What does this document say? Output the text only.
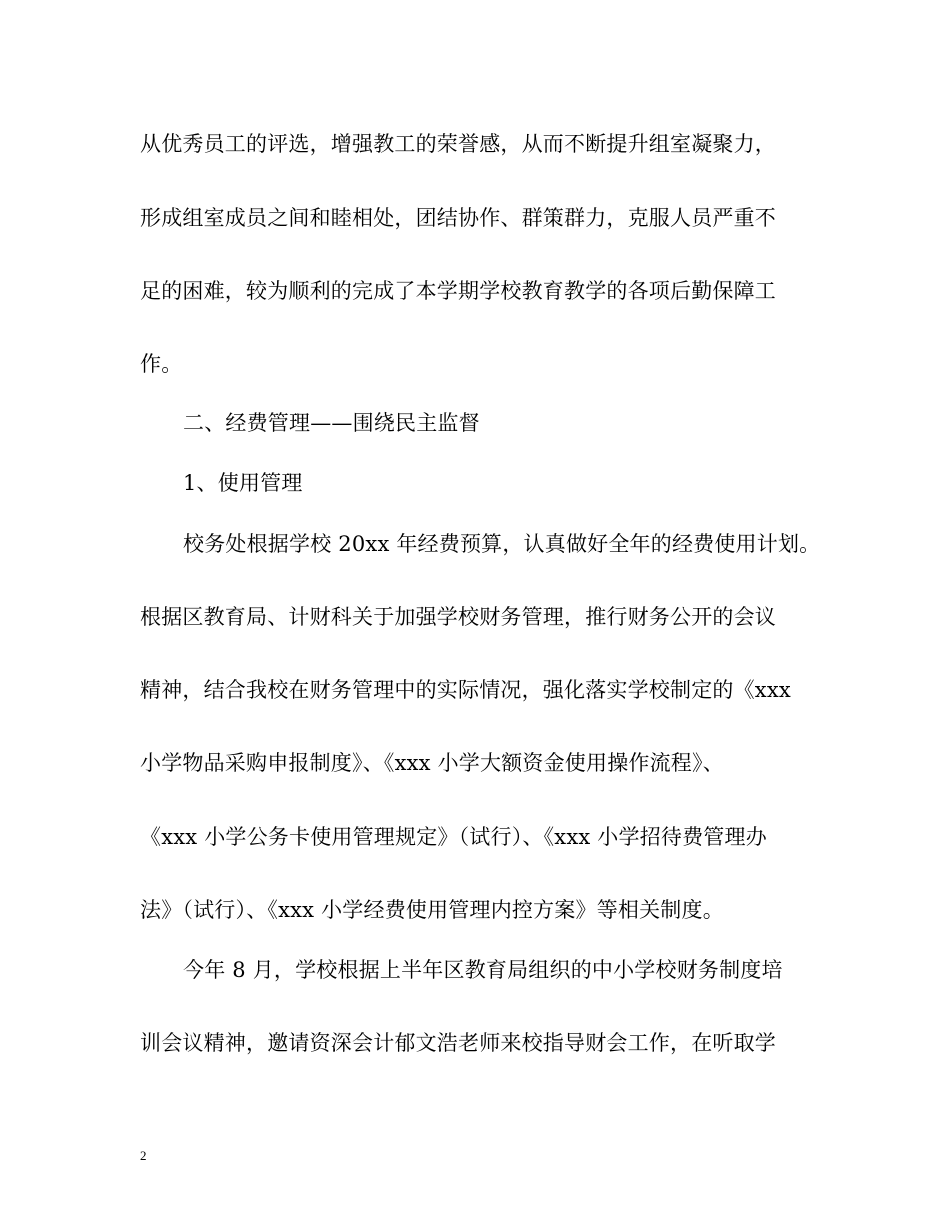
从优秀员工的评选，增强教工的荣誉感，从而不断提升组室凝聚力，
形成组室成员之间和睦相处，团结协作、群策群力，克服人员严重不
足的困难，较为顺利的完成了本学期学校教育教学的各项后勤保障工
作。
二、经费管理——围绕民主监督
1、使用管理
校务处根据学校 20xx 年经费预算，认真做好全年的经费使用计划。
根据区教育局、计财科关于加强学校财务管理，推行财务公开的会议
精神，结合我校在财务管理中的实际情况，强化落实学校制定的《xxx
小学物品采购申报制度》、《xxx 小学大额资金使用操作流程》、
《xxx 小学公务卡使用管理规定》（试行）、《xxx 小学招待费管理办
法》（试行）、《xxx 小学经费使用管理内控方案》等相关制度。
今年 8 月，学校根据上半年区教育局组织的中小学校财务制度培
训会议精神，邀请资深会计郁文浩老师来校指导财会工作，在听取学
2
